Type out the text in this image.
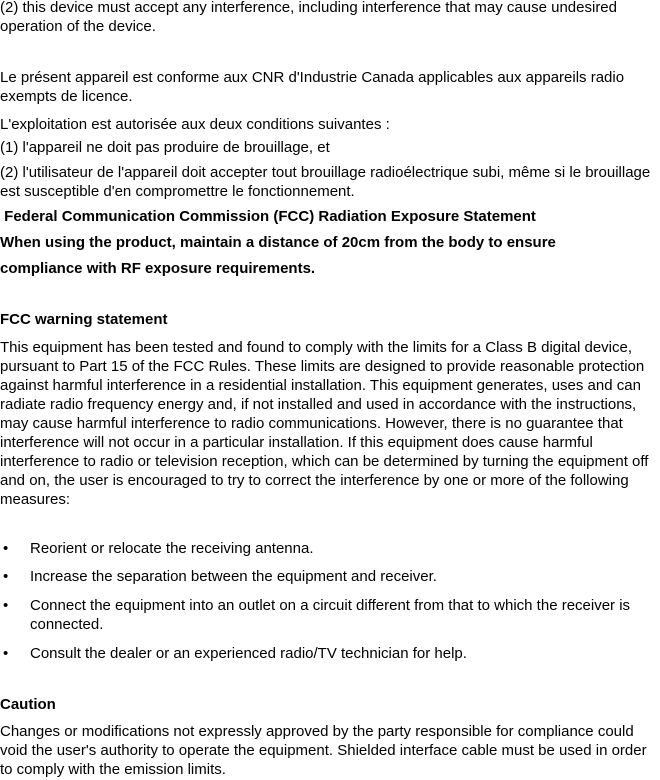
(2) this device must accept any interference, including interference that may cause undesired operation of the device.

Le présent appareil est conforme aux CNR d'Industrie Canada applicables aux appareils radio exempts de licence.

L'exploitation est autorisée aux deux conditions suivantes :

(1) l'appareil ne doit pas produire de brouillage, et

(2) l'utilisateur de l'appareil doit accepter tout brouillage radioélectrique subi, même si le brouillage est susceptible d'en compromettre le fonctionnement.

Federal Communication Commission (FCC) Radiation Exposure Statement

When using the product, maintain a distance of 20cm from the body to ensure

compliance with RF exposure requirements.

FCC warning statement

This equipment has been tested and found to comply with the limits for a Class B digital device, pursuant to Part 15 of the FCC Rules. These limits are designed to provide reasonable protection against harmful interference in a residential installation. This equipment generates, uses and can radiate radio frequency energy and, if not installed and used in accordance with the instructions, may cause harmful interference to radio communications. However, there is no guarantee that interference will not occur in a particular installation. If this equipment does cause harmful interference to radio or television reception, which can be determined by turning the equipment off and on, the user is encouraged to try to correct the interference by one or more of the following measures:

• Reorient or relocate the receiving antenna.
• Increase the separation between the equipment and receiver.
• Connect the equipment into an outlet on a circuit different from that to which the receiver is connected.
• Consult the dealer or an experienced radio/TV technician for help.

Caution

Changes or modifications not expressly approved by the party responsible for compliance could void the user's authority to operate the equipment. Shielded interface cable must be used in order to comply with the emission limits.
